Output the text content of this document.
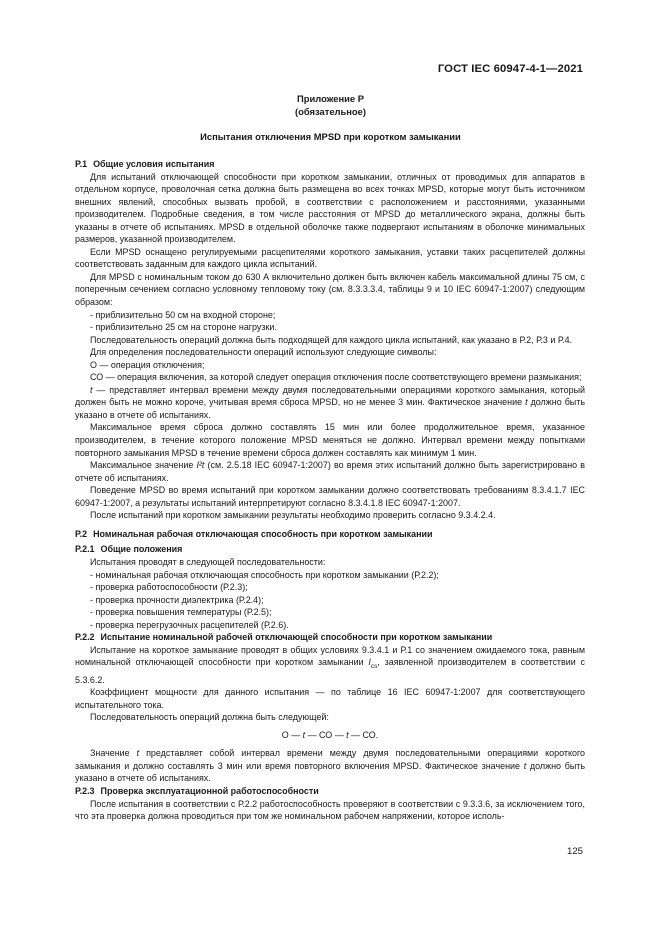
ГОСТ IEC 60947-4-1—2021
Приложение Р
(обязательное)
Испытания отключения MPSD при коротком замыкании

Р.1 Общие условия испытания

Для испытаний отключающей способности при коротком замыкании, отличных от проводимых для аппаратов в отдельном корпусе, проволочная сетка должна быть размещена во всех точках MPSD, которые могут быть источником внешних явлений, способных вызвать пробой, в соответствии с расположением и расстояниями, указанными производителем. Подробные сведения, в том числе расстояния от MPSD до металлического экрана, должны быть указаны в отчете об испытаниях. MPSD в отдельной оболочке также подвергают испытаниям в оболочке минимальных размеров, указанной производителем.

Если MPSD оснащено регулируемыми расцепителями короткого замыкания, уставки таких расцепителей должны соответствовать заданным для каждого цикла испытаний.

Для MPSD с номинальным током до 630 А включительно должен быть включен кабель максимальной длины 75 см, с поперечным сечением согласно условному тепловому току (см. 8.3.3.3.4, таблицы 9 и 10 IEC 60947-1:2007) следующим образом:

- приблизительно 50 см на входной стороне;

- приблизительно 25 см на стороне нагрузки.

Последовательность операций должна быть подходящей для каждого цикла испытаний, как указано в Р.2, Р.3 и Р.4.

Для определения последовательности операций используют следующие символы:

О — операция отключения;

СО — операция включения, за которой следует операция отключения после соответствующего времени размыкания;

t — представляет интервал времени между двумя последовательными операциями короткого замыкания, который должен быть не можно короче, учитывая время сброса MPSD, но не менее 3 мин. Фактическое значение t должно быть указано в отчете об испытаниях.

Максимальное время сброса должно составлять 15 мин или более продолжительное время, указанное производителем, в течение которого положение MPSD меняться не должно. Интервал времени между попытками повторного замыкания MPSD в течение времени сброса должен составлять как минимум 1 мин.

Максимальное значение I²t (см. 2.5.18 IEC 60947-1:2007) во время этих испытаний должно быть зарегистрировано в отчете об испытаниях.

Поведение MPSD во время испытаний при коротком замыкании должно соответствовать требованиям 8.3.4.1.7 IEC 60947-1:2007, а результаты испытаний интерпретируют согласно 8.3.4.1.8 IEC 60947-1:2007.

После испытаний при коротком замыкании результаты необходимо проверить согласно 9.3.4.2.4.

Р.2 Номинальная рабочая отключающая способность при коротком замыкании

Р.2.1 Общие положения

Испытания проводят в следующей последовательности:

- номинальная рабочая отключающая способность при коротком замыкании (Р.2.2);

- проверка работоспособности (Р.2.3);

- проверка прочности диэлектрика (Р.2.4);

- проверка повышения температуры (Р.2.5);

- проверка перегрузочных расцепителей (Р.2.6).

Р.2.2 Испытание номинальной рабочей отключающей способности при коротком замыкании

Испытание на короткое замыкание проводят в общих условиях 9.3.4.1 и Р.1 со значением ожидаемого тока, равным номинальной отключающей способности при коротком замыкании $I_{cs}$, заявленной производителем в соответствии с 5.3.6.2.

Коэффициент мощности для данного испытания — по таблице 16 IEC 60947-1:2007 для соответствующего испытательного тока.

Последовательность операций должна быть следующей:

О — t — СО — t — СО.

Значение t представляет собой интервал времени между двумя последовательными операциями короткого замыкания и должно составлять 3 мин или время повторного включения MPSD. Фактическое значение t должно быть указано в отчете об испытаниях.

Р.2.3 Проверка эксплуатационной работоспособности

После испытания в соответствии с Р.2.2 работоспособность проверяют в соответствии с 9.3.3.6, за исключением того, что эта проверка должна проводиться при том же номинальном рабочем напряжении, которое исполь-

125
